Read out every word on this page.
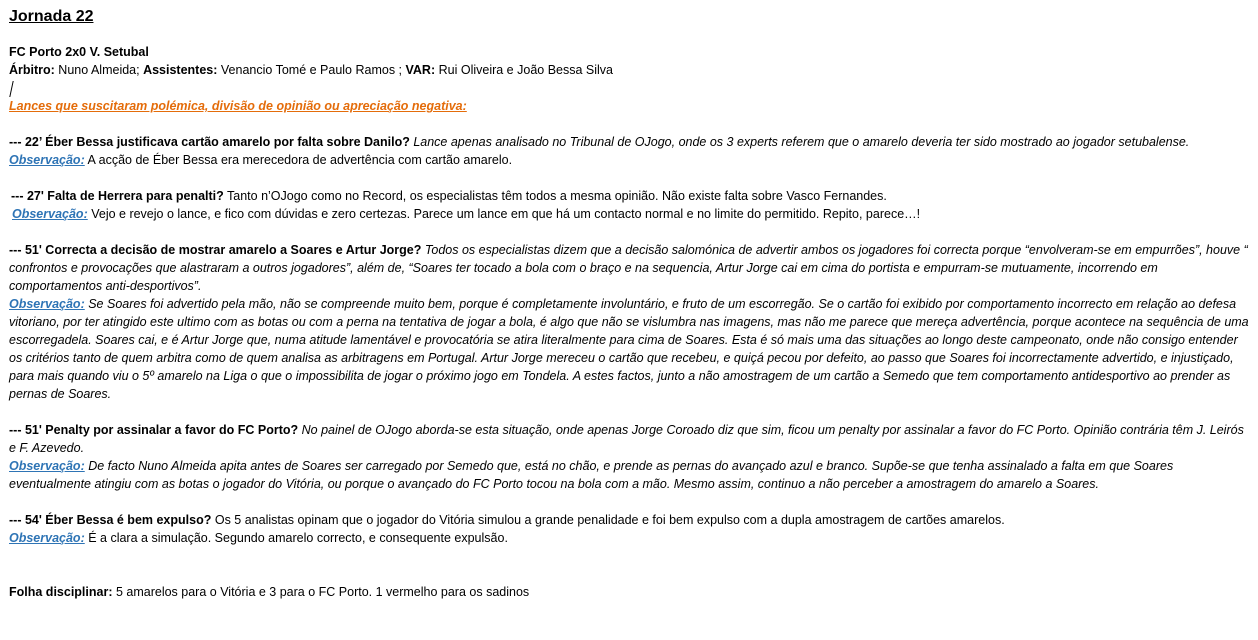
Jornada 22

FC Porto 2x0 V. Setubal

Árbitro: Nuno Almeida; Assistentes: Venancio Tomé e Paulo Ramos ; VAR: Rui Oliveira e João Bessa Silva

Lances que suscitaram polémica, divisão de opinião ou apreciação negativa:

--- 22’ Éber Bessa justificava cartão amarelo por falta sobre Danilo? Lance apenas analisado no Tribunal de OJogo, onde os 3 experts referem que o amarelo deveria ter sido mostrado ao jogador setubalense.

Observação: A acção de Éber Bessa era merecedora de advertência com cartão amarelo.

--- 27' Falta de Herrera para penalti? Tanto n’OJogo como no Record, os especialistas têm todos a mesma opinião. Não existe falta sobre Vasco Fernandes.

Observação: Vejo e revejo o lance, e fico com dúvidas e zero certezas. Parece um lance em que há um contacto normal e no limite do permitido. Repito, parece…!

--- 51' Correcta a decisão de mostrar amarelo a Soares e Artur Jorge? Todos os especialistas dizem que a decisão salomónica de advertir ambos os jogadores foi correcta porque “envolveram-se em empurrões”, houve “ confrontos e provocações que alastraram a outros jogadores”, além de, “Soares ter tocado a bola com o braço e na sequencia, Artur Jorge cai em cima do portista e empurram-se mutuamente, incorrendo em comportamentos anti-desportivos”.

Observação: Se Soares foi advertido pela mão, não se compreende muito bem, porque é completamente involuntário, e fruto de um escorregão. Se o cartão foi exibido por comportamento incorrecto em relação ao defesa vitoriano, por ter atingido este ultimo com as botas ou com a perna na tentativa de jogar a bola, é algo que não se vislumbra nas imagens, mas não me parece que mereça advertência, porque acontece na sequência de uma escorregadela. Soares cai, e é Artur Jorge que, numa atitude lamentável e provocatória se atira literalmente para cima de Soares. Esta é só mais uma das situações ao longo deste campeonato, onde não consigo entender os critérios tanto de quem arbitra como de quem analisa as arbitragens em Portugal. Artur Jorge mereceu o cartão que recebeu, e quiçá pecou por defeito, ao passo que Soares foi incorrectamente advertido, e injustiçado, para mais quando viu o 5º amarelo na Liga o que o impossibilita de jogar o próximo jogo em Tondela. A estes factos, junto a não amostragem de um cartão a Semedo que tem comportamento antidesportivo ao prender as pernas de Soares.

--- 51' Penalty por assinalar a favor do FC Porto? No painel de OJogo aborda-se esta situação, onde apenas Jorge Coroado diz que sim, ficou um penalty por assinalar a favor do FC Porto. Opinião contrária têm J. Leirós e F. Azevedo.

Observação: De facto Nuno Almeida apita antes de Soares ser carregado por Semedo que, está no chão, e prende as pernas do avançado azul e branco. Supõe-se que tenha assinalado a falta em que Soares eventualmente atingiu com as botas o jogador do Vitória, ou porque o avançado do FC Porto tocou na bola com a mão. Mesmo assim, continuo a não perceber a amostragem do amarelo a Soares.

--- 54' Éber Bessa é bem expulso? Os 5 analistas opinam que o jogador do Vitória simulou a grande penalidade e foi bem expulso com a dupla amostragem de cartões amarelos.

Observação: É a clara a simulação. Segundo amarelo correcto, e consequente expulsão.

Folha disciplinar: 5 amarelos para o Vitória e 3 para o FC Porto. 1 vermelho para os sadinos
